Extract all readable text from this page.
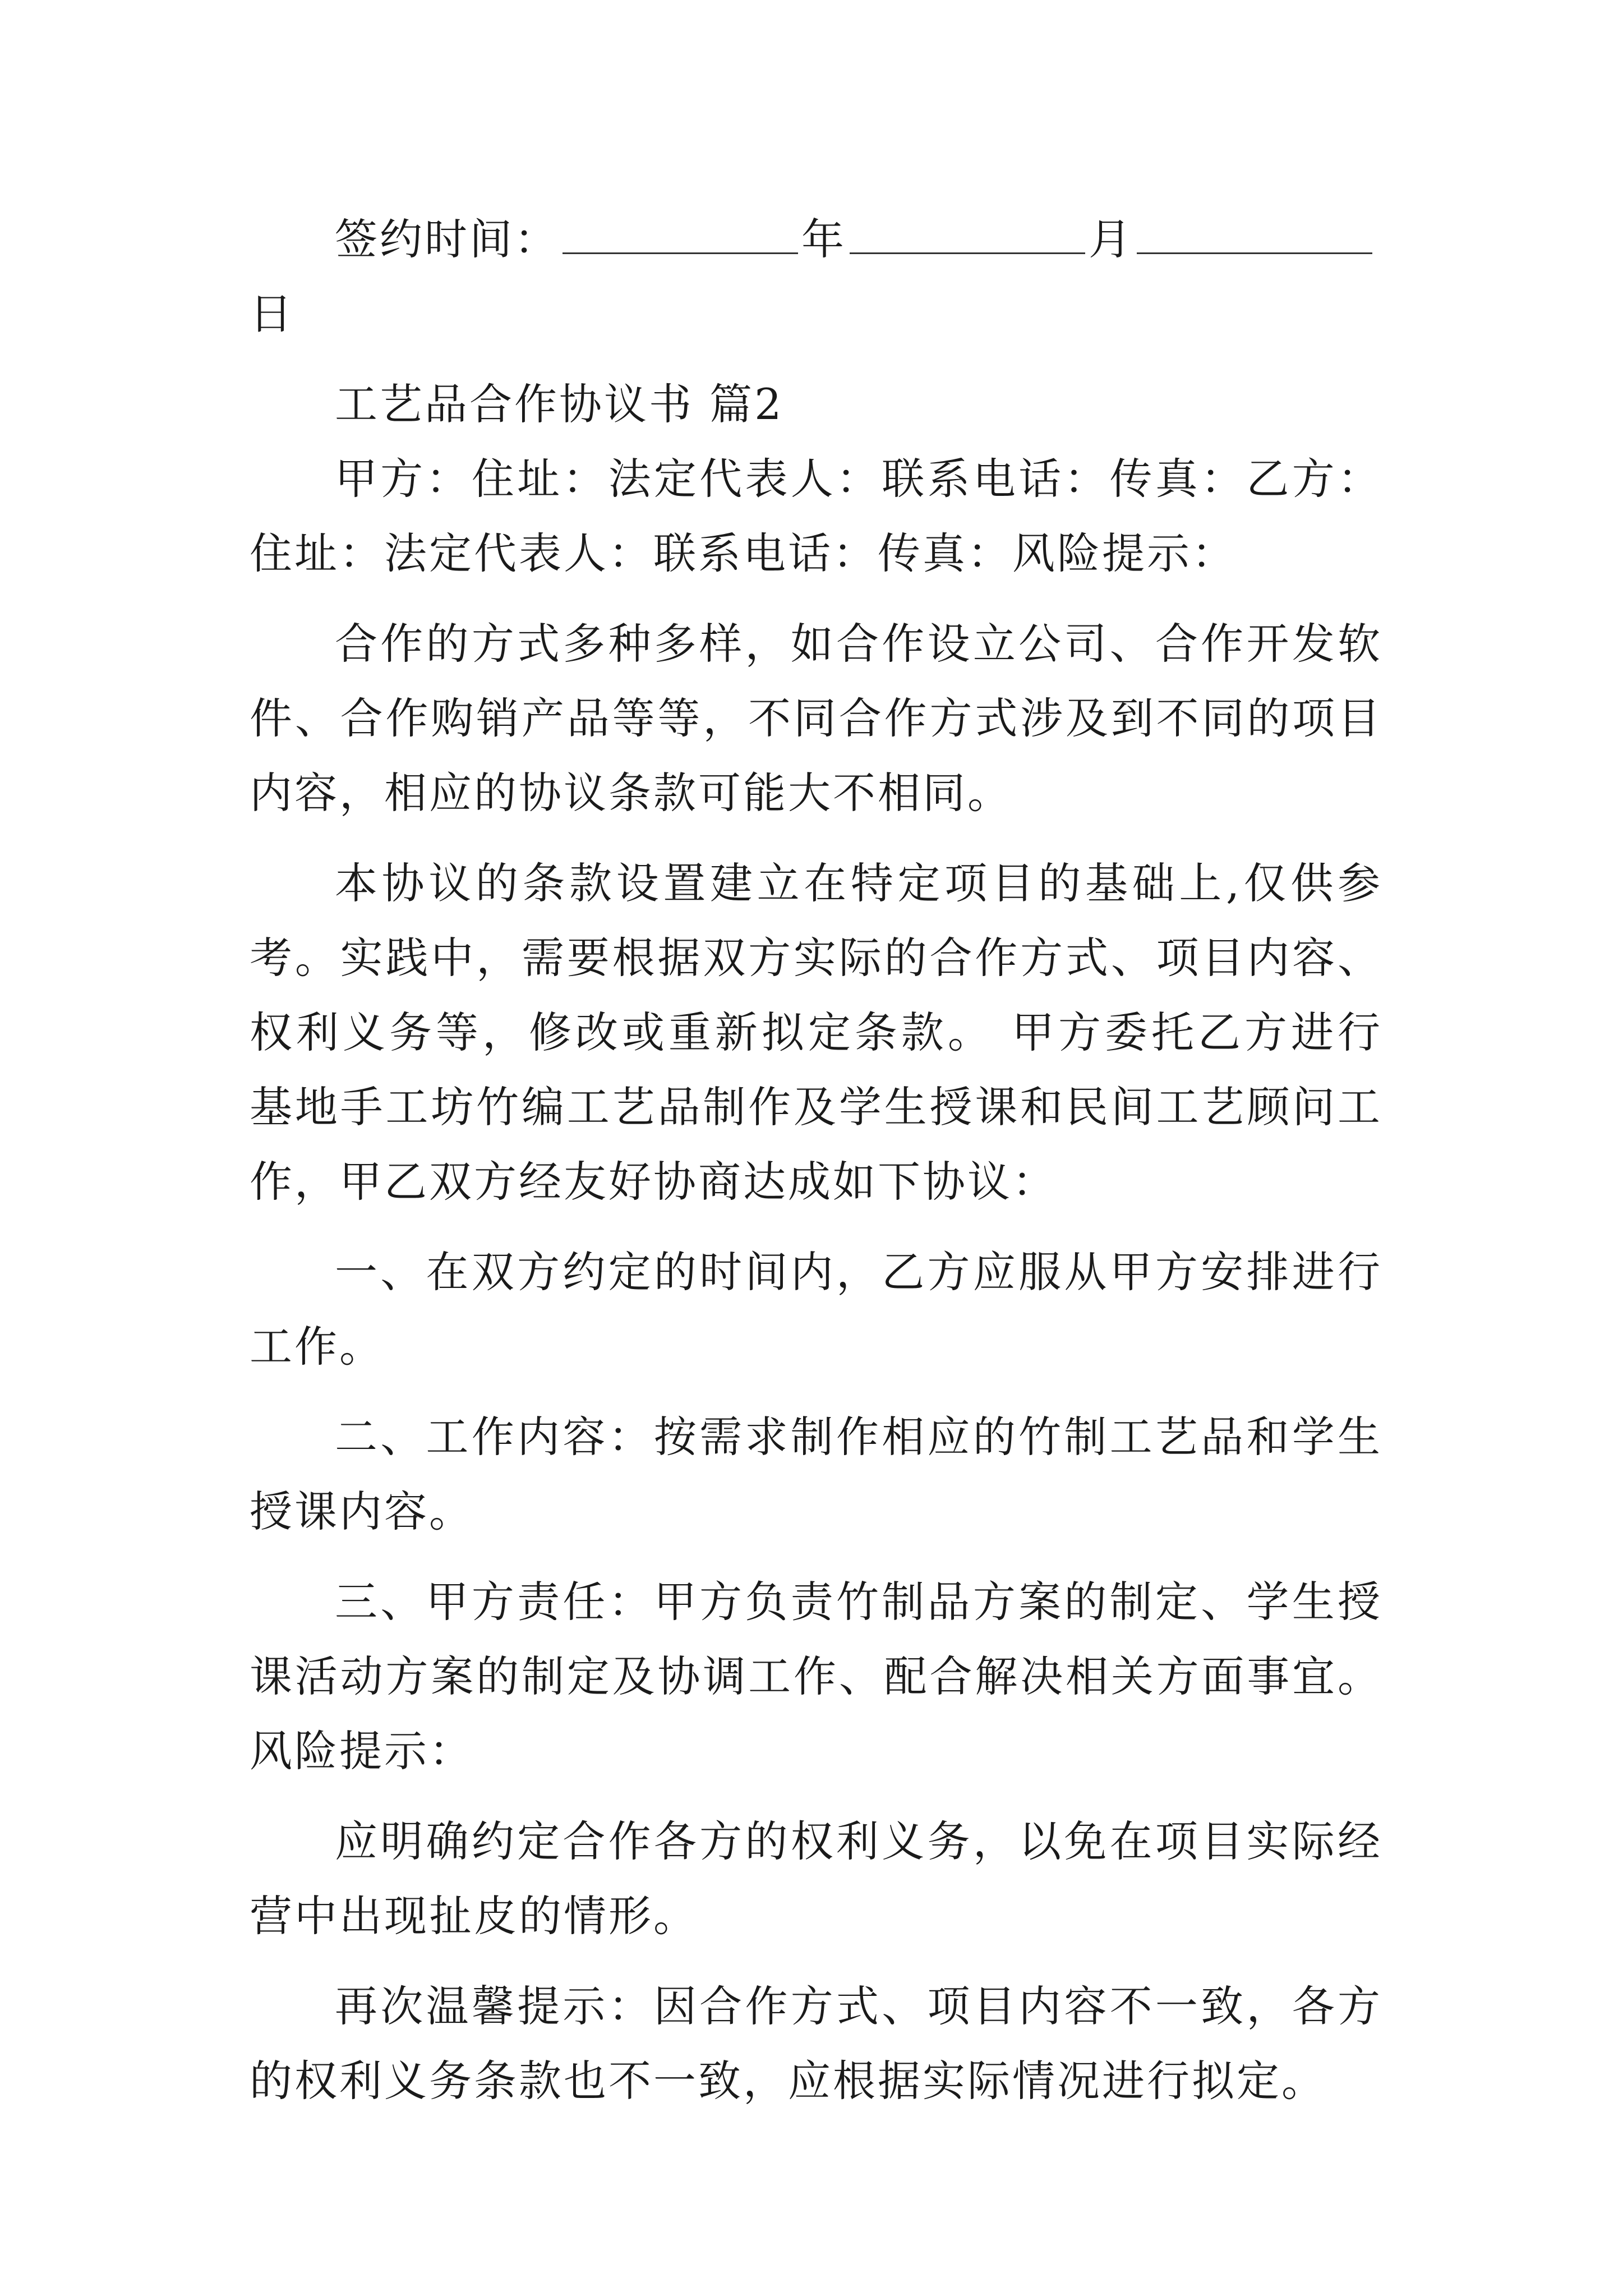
签约时间：	年	月

日

工艺品合作协议书 篇2

甲方：住址：法定代表人：联系电话：传真：乙方：住址：法定代表人：联系电话：传真：风险提示：

合作的方式多种多样，如合作设立公司、合作开发软件、合作购销产品等等，不同合作方式涉及到不同的项目内容，相应的协议条款可能大不相同。

本协议的条款设置建立在特定项目的基础上,仅供参考。实践中，需要根据双方实际的合作方式、项目内容、权利义务等，修改或重新拟定条款。 甲方委托乙方进行基地手工坊竹编工艺品制作及学生授课和民间工艺顾问工作，甲乙双方经友好协商达成如下协议：

一、在双方约定的时间内，乙方应服从甲方安排进行工作。

二、工作内容：按需求制作相应的竹制工艺品和学生授课内容。

三、甲方责任：甲方负责竹制品方案的制定、学生授课活动方案的制定及协调工作、配合解决相关方面事宜。风险提示：

应明确约定合作各方的权利义务，以免在项目实际经营中出现扯皮的情形。

再次温馨提示：因合作方式、项目内容不一致，各方的权利义务条款也不一致，应根据实际情况进行拟定。
